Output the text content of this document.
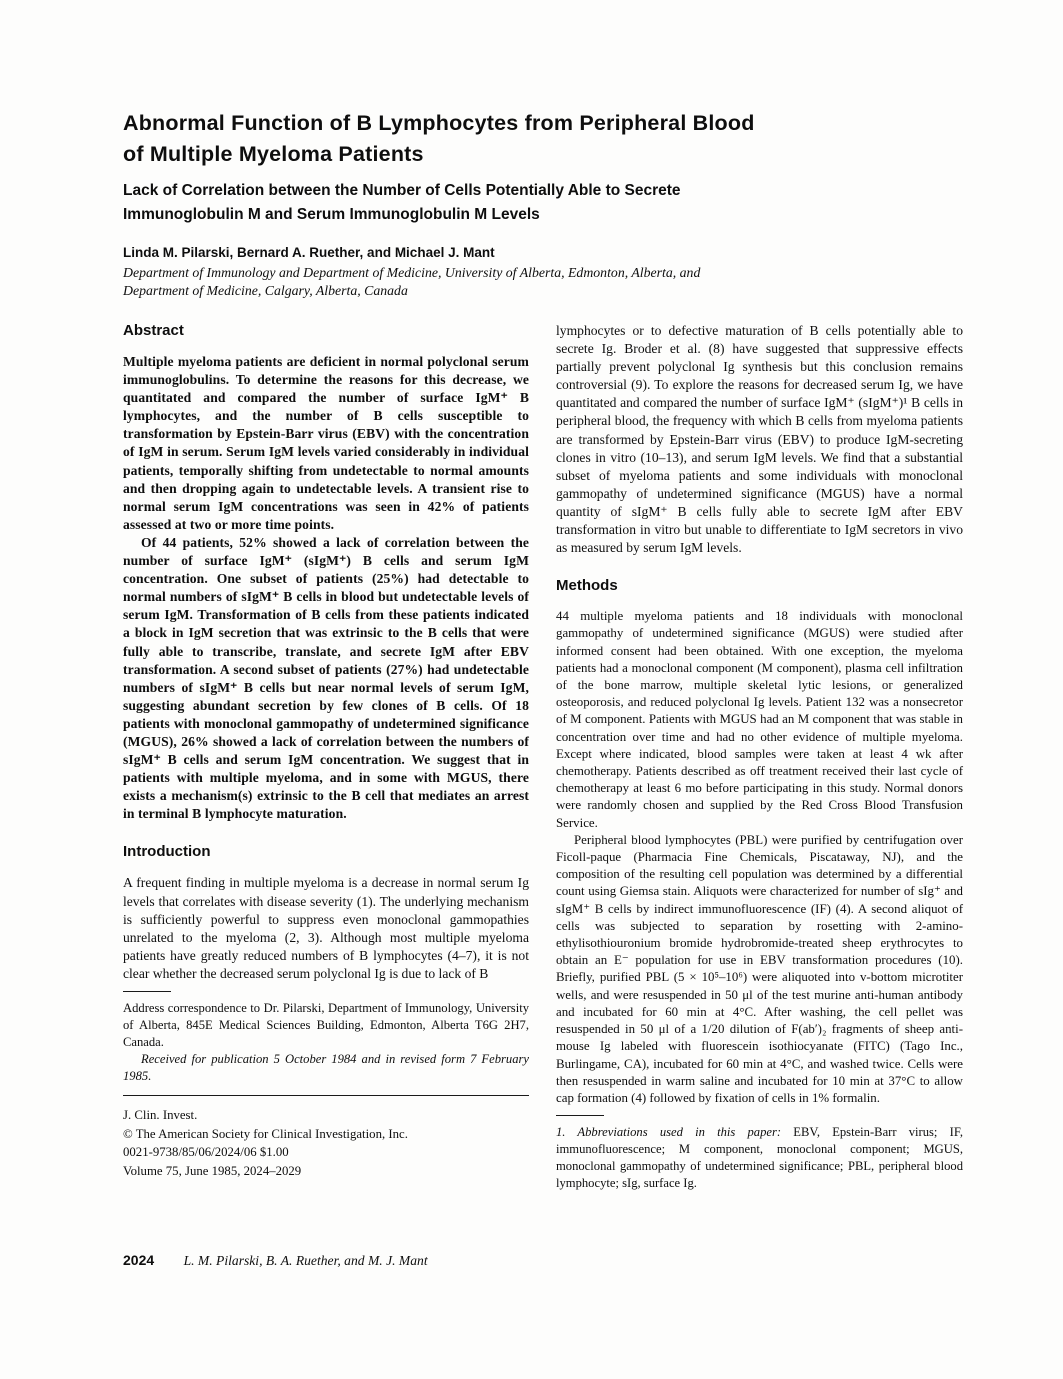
Abnormal Function of B Lymphocytes from Peripheral Blood
of Multiple Myeloma Patients
Lack of Correlation between the Number of Cells Potentially Able to Secrete
Immunoglobulin M and Serum Immunoglobulin M Levels
Linda M. Pilarski, Bernard A. Ruether, and Michael J. Mant
Department of Immunology and Department of Medicine, University of Alberta, Edmonton, Alberta, and
Department of Medicine, Calgary, Alberta, Canada
Abstract

Multiple myeloma patients are deficient in normal polyclonal serum immunoglobulins. To determine the reasons for this decrease, we quantitated and compared the number of surface IgM⁺ B lymphocytes, and the number of B cells susceptible to transformation by Epstein-Barr virus (EBV) with the concentration of IgM in serum. Serum IgM levels varied considerably in individual patients, temporally shifting from undetectable to normal amounts and then dropping again to undetectable levels. A transient rise to normal serum IgM concentrations was seen in 42% of patients assessed at two or more time points.

Of 44 patients, 52% showed a lack of correlation between the number of surface IgM⁺ (sIgM⁺) B cells and serum IgM concentration. One subset of patients (25%) had detectable to normal numbers of sIgM⁺ B cells in blood but undetectable levels of serum IgM. Transformation of B cells from these patients indicated a block in IgM secretion that was extrinsic to the B cells that were fully able to transcribe, translate, and secrete IgM after EBV transformation. A second subset of patients (27%) had undetectable numbers of sIgM⁺ B cells but near normal levels of serum IgM, suggesting abundant secretion by few clones of B cells. Of 18 patients with monoclonal gammopathy of undetermined significance (MGUS), 26% showed a lack of correlation between the numbers of sIgM⁺ B cells and serum IgM concentration. We suggest that in patients with multiple myeloma, and in some with MGUS, there exists a mechanism(s) extrinsic to the B cell that mediates an arrest in terminal B lymphocyte maturation.

Introduction

A frequent finding in multiple myeloma is a decrease in normal serum Ig levels that correlates with disease severity (1). The underlying mechanism is sufficiently powerful to suppress even monoclonal gammopathies unrelated to the myeloma (2, 3). Although most multiple myeloma patients have greatly reduced numbers of B lymphocytes (4–7), it is not clear whether the decreased serum polyclonal Ig is due to lack of B

Address correspondence to Dr. Pilarski, Department of Immunology, University of Alberta, 845E Medical Sciences Building, Edmonton, Alberta T6G 2H7, Canada.

Received for publication 5 October 1984 and in revised form 7 February 1985.

J. Clin. Invest.
© The American Society for Clinical Investigation, Inc.
0021-9738/85/06/2024/06 $1.00
Volume 75, June 1985, 2024–2029

lymphocytes or to defective maturation of B cells potentially able to secrete Ig. Broder et al. (8) have suggested that suppressive effects partially prevent polyclonal Ig synthesis but this conclusion remains controversial (9). To explore the reasons for decreased serum Ig, we have quantitated and compared the number of surface IgM⁺ (sIgM⁺)¹ B cells in peripheral blood, the frequency with which B cells from myeloma patients are transformed by Epstein-Barr virus (EBV) to produce IgM-secreting clones in vitro (10–13), and serum IgM levels. We find that a substantial subset of myeloma patients and some individuals with monoclonal gammopathy of undetermined significance (MGUS) have a normal quantity of sIgM⁺ B cells fully able to secrete IgM after EBV transformation in vitro but unable to differentiate to IgM secretors in vivo as measured by serum IgM levels.

Methods

44 multiple myeloma patients and 18 individuals with monoclonal gammopathy of undetermined significance (MGUS) were studied after informed consent had been obtained. With one exception, the myeloma patients had a monoclonal component (M component), plasma cell infiltration of the bone marrow, multiple skeletal lytic lesions, or generalized osteoporosis, and reduced polyclonal Ig levels. Patient 132 was a nonsecretor of M component. Patients with MGUS had an M component that was stable in concentration over time and had no other evidence of multiple myeloma. Except where indicated, blood samples were taken at least 4 wk after chemotherapy. Patients described as off treatment received their last cycle of chemotherapy at least 6 mo before participating in this study. Normal donors were randomly chosen and supplied by the Red Cross Blood Transfusion Service.

Peripheral blood lymphocytes (PBL) were purified by centrifugation over Ficoll-paque (Pharmacia Fine Chemicals, Piscataway, NJ), and the composition of the resulting cell population was determined by a differential count using Giemsa stain. Aliquots were characterized for number of sIg⁺ and sIgM⁺ B cells by indirect immunofluorescence (IF) (4). A second aliquot of cells was subjected to separation by rosetting with 2-amino-ethylisothiouronium bromide hydrobromide-treated sheep erythrocytes to obtain an E⁻ population for use in EBV transformation procedures (10). Briefly, purified PBL (5 × 10⁵–10⁶) were aliquoted into v-bottom microtiter wells, and were resuspended in 50 μl of the test murine anti-human antibody and incubated for 60 min at 4°C. After washing, the cell pellet was resuspended in 50 μl of a 1/20 dilution of F(ab′)₂ fragments of sheep anti-mouse Ig labeled with fluorescein isothiocyanate (FITC) (Tago Inc., Burlingame, CA), incubated for 60 min at 4°C, and washed twice. Cells were then resuspended in warm saline and incubated for 10 min at 37°C to allow cap formation (4) followed by fixation of cells in 1% formalin.

1. Abbreviations used in this paper: EBV, Epstein-Barr virus; IF, immunofluorescence; M component, monoclonal component; MGUS, monoclonal gammopathy of undetermined significance; PBL, peripheral blood lymphocyte; sIg, surface Ig.

2024 L. M. Pilarski, B. A. Ruether, and M. J. Mant
